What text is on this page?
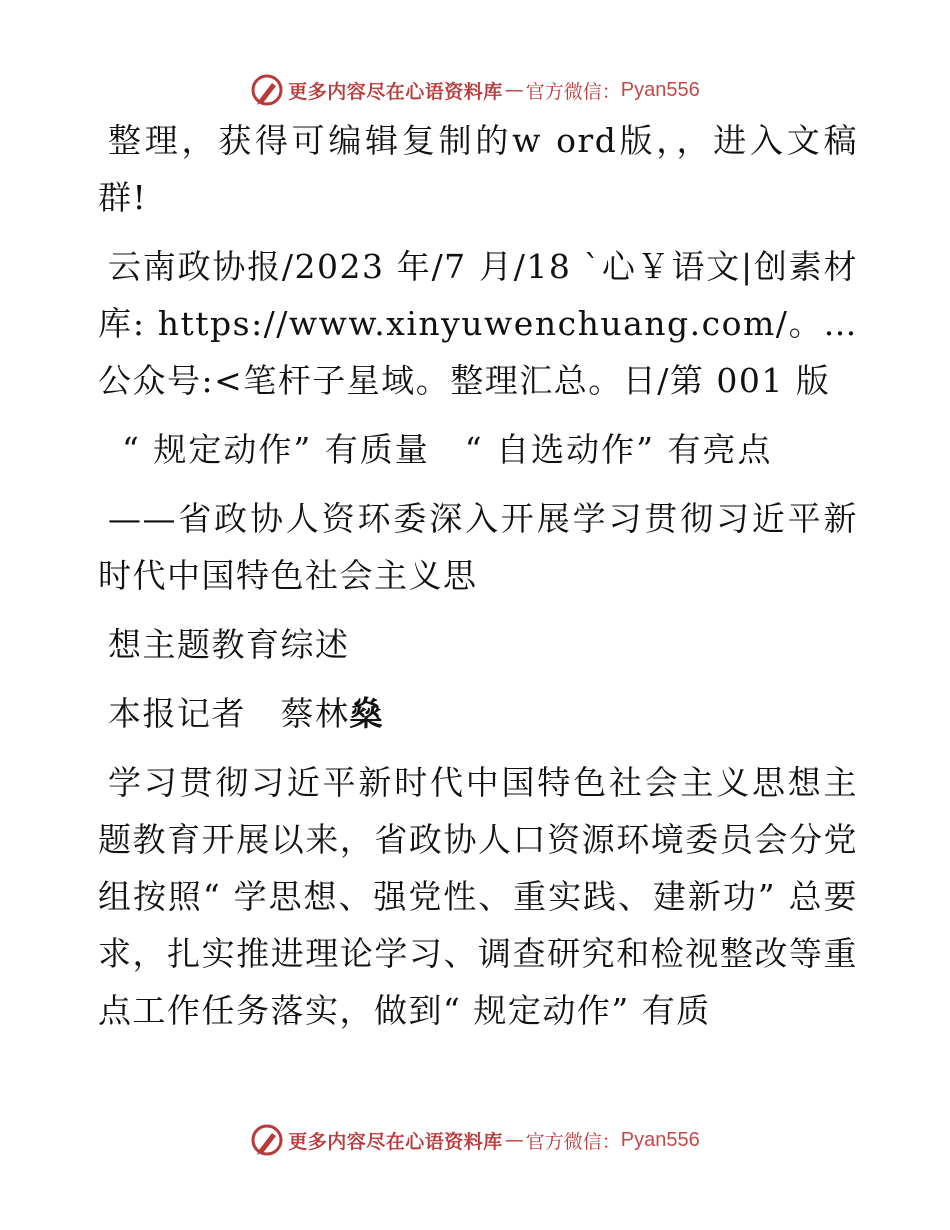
更多内容尽在心语资料库 — 官方微信： Pyan556

整理，获得可编辑复制的w ord版，，进入文稿群!

云南政协报/2023 年/7 月/18 `心￥语文|创素材库: https://www.xinyuwenchuang.com/。…公众号:<笔杆子星域。整理汇总。日/第 001 版

“ 规定动作” 有质量　“ 自选动作” 有亮点

——省政协人资环委深入开展学习贯彻习近平新时代中国特色社会主义思

想主题教育综述

本报记者　蔡林燊

学习贯彻习近平新时代中国特色社会主义思想主题教育开展以来，省政协人口资源环境委员会分党组按照“ 学思想、强党性、重实践、建新功” 总要求，扎实推进理论学习、调查研究和检视整改等重点工作任务落实，做到“ 规定动作” 有质

更多内容尽在心语资料库 — 官方微信： Pyan556
